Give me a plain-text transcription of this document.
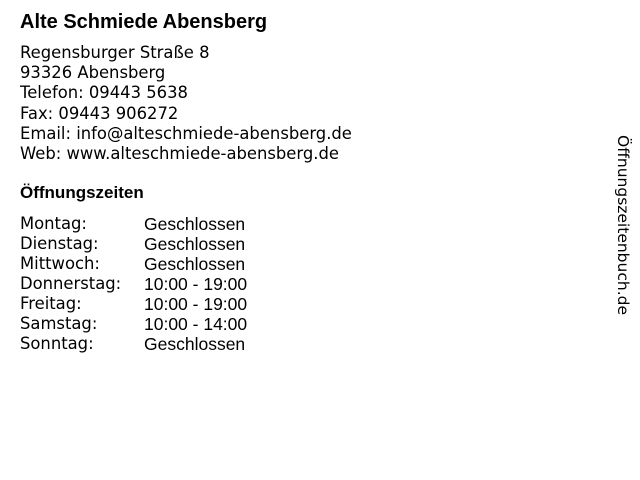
Alte Schmiede Abensberg
Regensburger Straße 8
93326 Abensberg
Telefon: 09443 5638
Fax: 09443 906272
Email: info@alteschmiede-abensberg.de
Web: www.alteschmiede-abensberg.de
Öffnungszeiten
Montag:	Geschlossen
Dienstag:	Geschlossen
Mittwoch:	Geschlossen
Donnerstag: 10:00 - 19:00
Freitag:	10:00 - 19:00
Samstag:	10:00 - 14:00
Sonntag:	Geschlossen
Öffnungszeitenbuch.de
